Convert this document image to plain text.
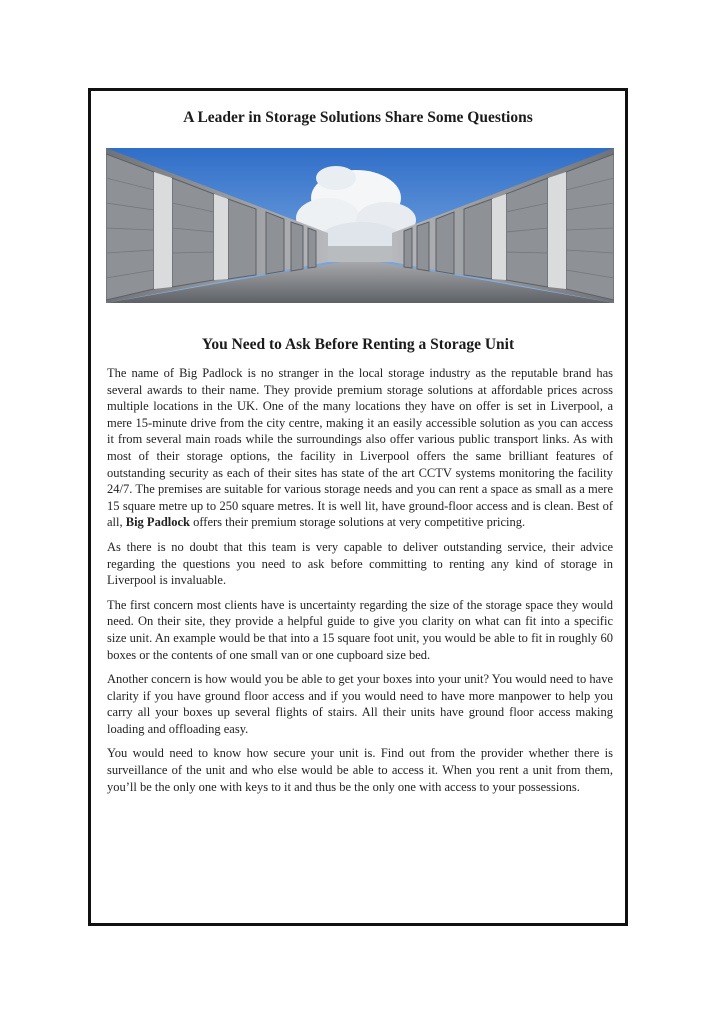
A Leader in Storage Solutions Share Some Questions
You Need to Ask Before Renting a Storage Unit

The name of Big Padlock is no stranger in the local storage industry as the reputable brand has several awards to their name. They provide premium storage solutions at affordable prices across multiple locations in the UK. One of the many locations they have on offer is set in Liverpool, a mere 15-minute drive from the city centre, making it an easily accessible solution as you can access it from several main roads while the surroundings also offer various public transport links. As with most of their storage options, the facility in Liverpool offers the same brilliant features of outstanding security as each of their sites has state of the art CCTV systems monitoring the facility 24/7. The premises are suitable for various storage needs and you can rent a space as small as a mere 15 square metre up to 250 square metres. It is well lit, have ground-floor access and is clean. Best of all, Big Padlock offers their premium storage solutions at very competitive pricing.

As there is no doubt that this team is very capable to deliver outstanding service, their advice regarding the questions you need to ask before committing to renting any kind of storage in Liverpool is invaluable.

The first concern most clients have is uncertainty regarding the size of the storage space they would need. On their site, they provide a helpful guide to give you clarity on what can fit into a specific size unit. An example would be that into a 15 square foot unit, you would be able to fit in roughly 60 boxes or the contents of one small van or one cupboard size bed.

Another concern is how would you be able to get your boxes into your unit? You would need to have clarity if you have ground floor access and if you would need to have more manpower to help you carry all your boxes up several flights of stairs. All their units have ground floor access making loading and offloading easy.

You would need to know how secure your unit is. Find out from the provider whether there is surveillance of the unit and who else would be able to access it. When you rent a unit from them, you’ll be the only one with keys to it and thus be the only one with access to your possessions.
